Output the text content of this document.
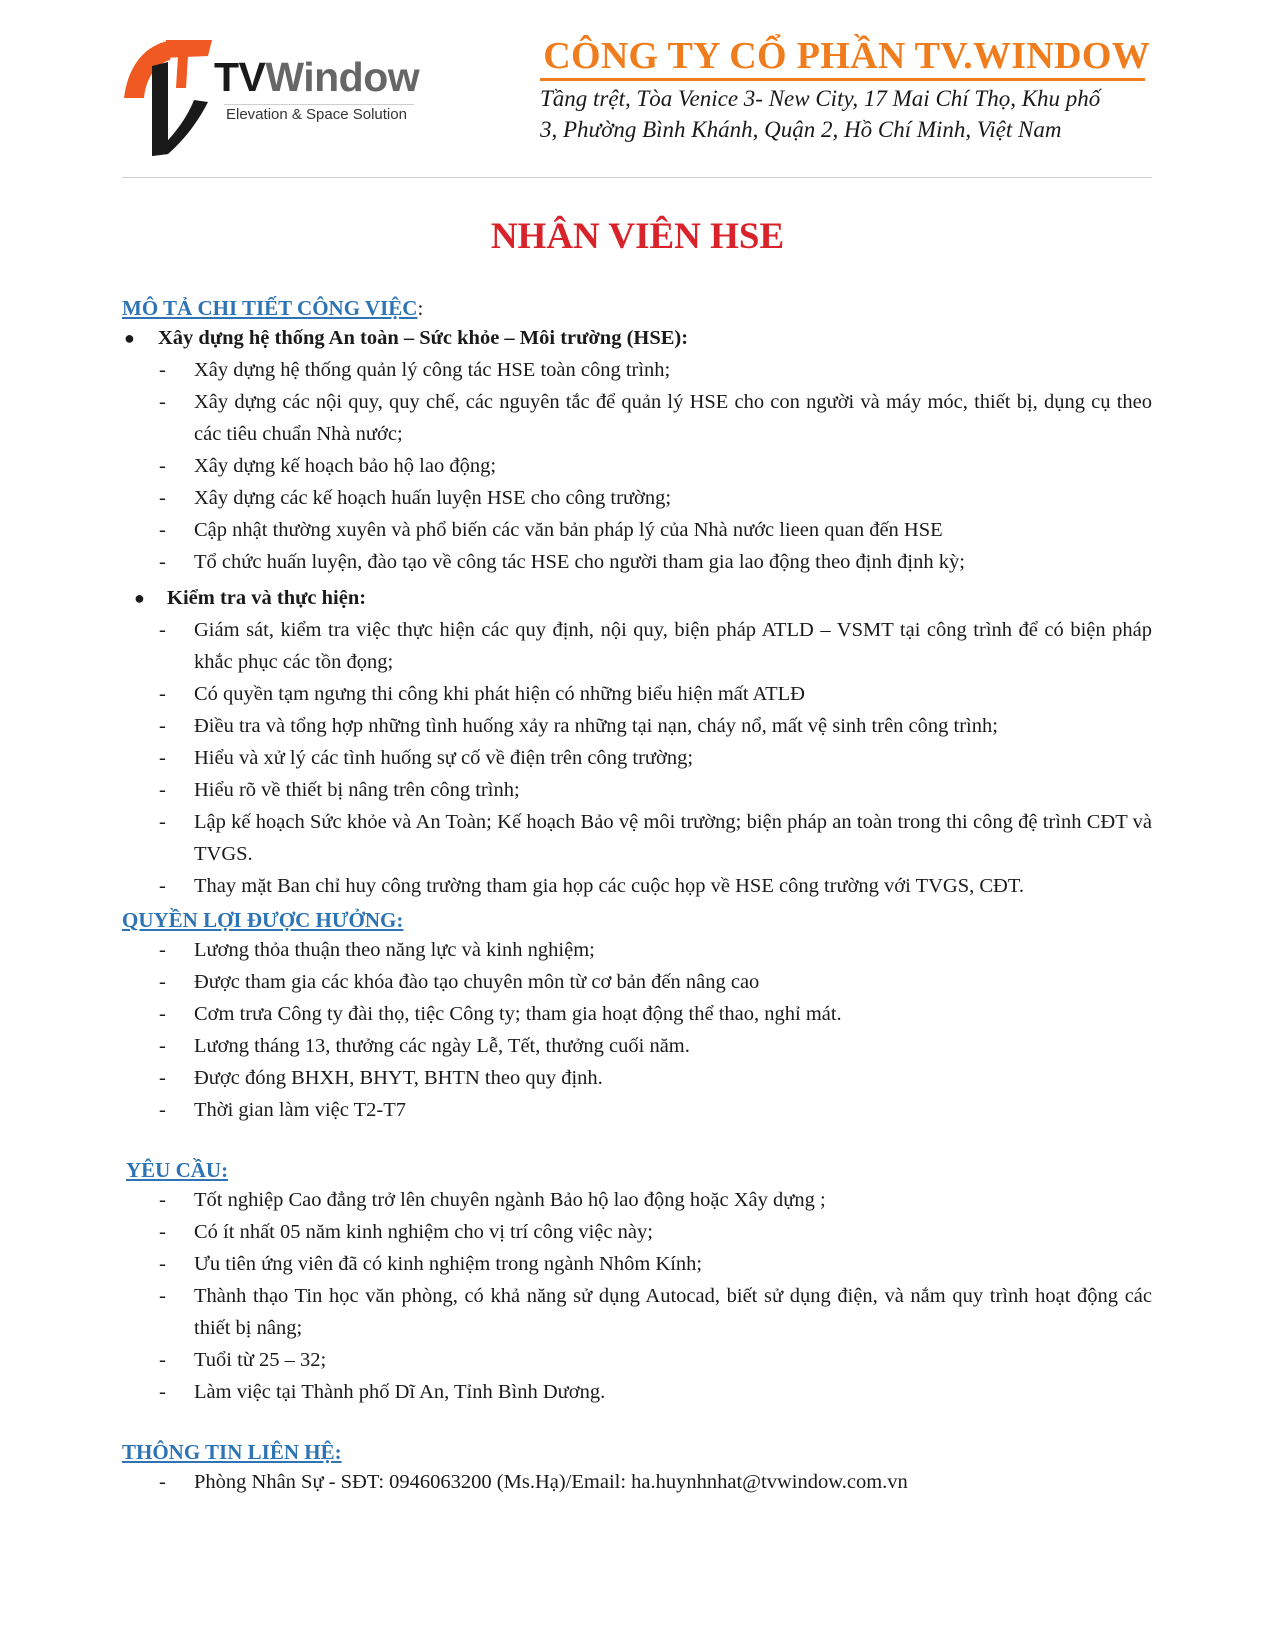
TVWindow
Elevation & Space Solution
CÔNG TY CỔ PHẦN TV.WINDOW
Tầng trệt, Tòa Venice 3- New City, 17 Mai Chí Thọ, Khu phố
3, Phường Bình Khánh, Quận 2, Hồ Chí Minh, Việt Nam
NHÂN VIÊN HSE
MÔ TẢ CHI TIẾT CÔNG VIỆC:
● Xây dựng hệ thống An toàn – Sức khỏe – Môi trường (HSE):
- Xây dựng hệ thống quản lý công tác HSE toàn công trình;
- Xây dựng các nội quy, quy chế, các nguyên tắc để quản lý HSE cho con người và máy móc, thiết bị, dụng cụ theo các tiêu chuẩn Nhà nước;
- Xây dựng kế hoạch bảo hộ lao động;
- Xây dựng các kế hoạch huấn luyện HSE cho công trường;
- Cập nhật thường xuyên và phổ biến các văn bản pháp lý của Nhà nước lieen quan đến HSE
- Tổ chức huấn luyện, đào tạo về công tác HSE cho người tham gia lao động theo định định kỳ;
● Kiểm tra và thực hiện:
- Giám sát, kiểm tra việc thực hiện các quy định, nội quy, biện pháp ATLD – VSMT tại công trình để có biện pháp khắc phục các tồn đọng;
- Có quyền tạm ngưng thi công khi phát hiện có những biểu hiện mất ATLĐ
- Điều tra và tổng hợp những tình huống xảy ra những tại nạn, cháy nổ, mất vệ sinh trên công trình;
- Hiểu và xử lý các tình huống sự cố về điện trên công trường;
- Hiểu rõ về thiết bị nâng trên công trình;
- Lập kế hoạch Sức khỏe và An Toàn; Kế hoạch Bảo vệ môi trường; biện pháp an toàn trong thi công đệ trình CĐT và TVGS.
- Thay mặt Ban chỉ huy công trường tham gia họp các cuộc họp về HSE công trường với TVGS, CĐT.
QUYỀN LỢI ĐƯỢC HƯỞNG:
- Lương thỏa thuận theo năng lực và kinh nghiệm;
- Được tham gia các khóa đào tạo chuyên môn từ cơ bản đến nâng cao
- Cơm trưa Công ty đài thọ, tiệc Công ty; tham gia hoạt động thể thao, nghỉ mát.
- Lương tháng 13, thưởng các ngày Lễ, Tết, thưởng cuối năm.
- Được đóng BHXH, BHYT, BHTN theo quy định.
- Thời gian làm việc T2-T7
YÊU CẦU:
- Tốt nghiệp Cao đẳng trở lên chuyên ngành Bảo hộ lao động hoặc Xây dựng ;
- Có ít nhất 05 năm kinh nghiệm cho vị trí công việc này;
- Ưu tiên ứng viên đã có kinh nghiệm trong ngành Nhôm Kính;
- Thành thạo Tin học văn phòng, có khả năng sử dụng Autocad, biết sử dụng điện, và nắm quy trình hoạt động các thiết bị nâng;
- Tuổi từ 25 – 32;
- Làm việc tại Thành phố Dĩ An, Tỉnh Bình Dương.
THÔNG TIN LIÊN HỆ:
- Phòng Nhân Sự - SĐT: 0946063200 (Ms.Hạ)/Email: ha.huynhnhat@tvwindow.com.vn
